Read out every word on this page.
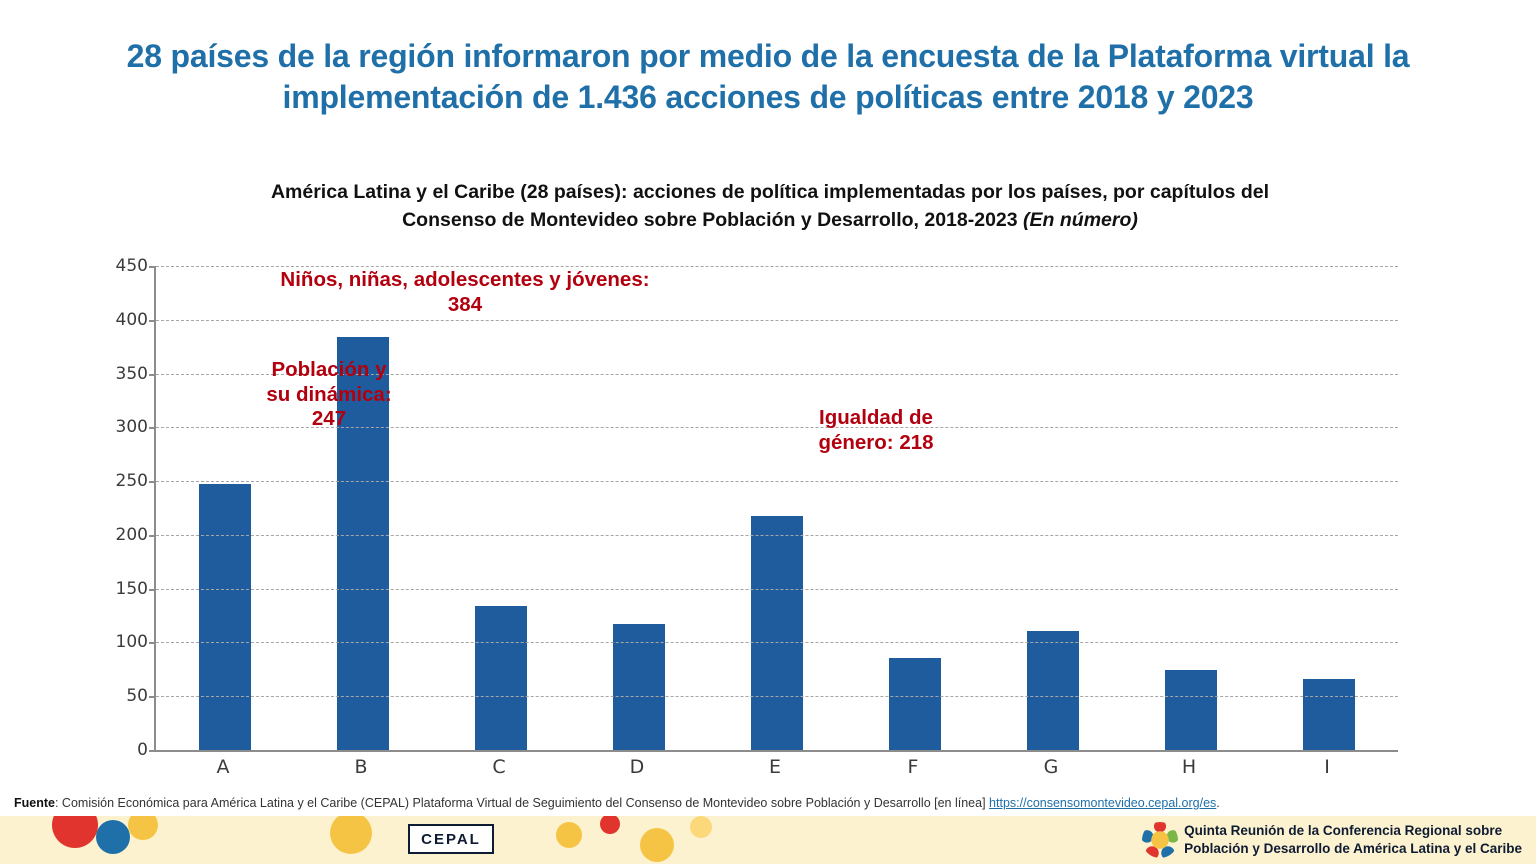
28 países de la región informaron por medio de la encuesta de la Plataforma virtual la implementación de 1.436 acciones de políticas entre 2018 y 2023
América Latina y el Caribe (28 países): acciones de política implementadas por los países, por capítulos del
Consenso de Montevideo sobre Población y Desarrollo, 2018-2023 (En número)
0
50
100
150
200
250
300
350
400
450
A	B	C	D	E	F	G	H	I
Población y su dinámica: 247
Niños, niñas, adolescentes y jóvenes: 384
Igualdad de género: 218
Fuente: Comisión Económica para América Latina y el Caribe (CEPAL) Plataforma Virtual de Seguimiento del Consenso de Montevideo sobre Población y Desarrollo [en línea] https://consensomontevideo.cepal.org/es.
CEPAL	Quinta Reunión de la Conferencia Regional sobre
Población y Desarrollo de América Latina y el Caribe
